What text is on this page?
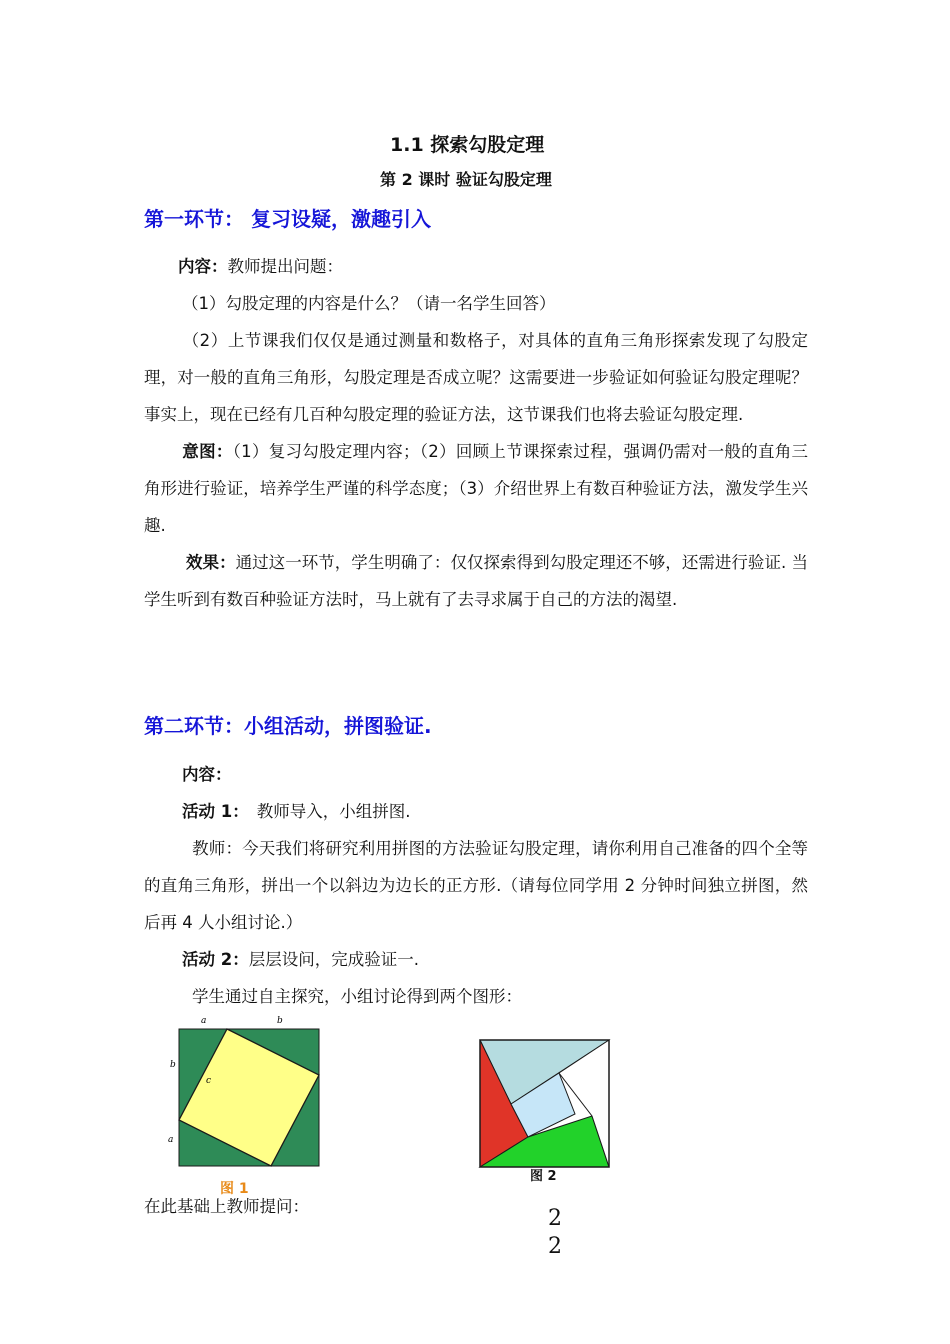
1.1 探索勾股定理
第 2 课时 验证勾股定理
第一环节： 复习设疑，激趣引入

内容：教师提出问题：

（1）勾股定理的内容是什么？（请一名学生回答）

（2）上节课我们仅仅是通过测量和数格子，对具体的直角三角形探索发现了勾股定理，对一般的直角三角形，勾股定理是否成立呢？这需要进一步验证如何验证勾股定理呢？事实上，现在已经有几百种勾股定理的验证方法，这节课我们也将去验证勾股定理.

意图：（1）复习勾股定理内容；（2）回顾上节课探索过程，强调仍需对一般的直角三角形进行验证，培养学生严谨的科学态度；（3）介绍世界上有数百种验证方法，激发学生兴趣.

效果：通过这一环节，学生明确了：仅仅探索得到勾股定理还不够，还需进行验证. 当学生听到有数百种验证方法时，马上就有了去寻求属于自己的方法的渴望.

第二环节：小组活动，拼图验证.

内容：

活动 1： 教师导入，小组拼图.

教师：今天我们将研究利用拼图的方法验证勾股定理，请你利用自己准备的四个全等的直角三角形，拼出一个以斜边为边长的正方形.（请每位同学用 2 分钟时间独立拼图，然后再 4 人小组讨论.）

活动 2：层层设问，完成验证一.

学生通过自主探究，小组讨论得到两个图形：

a	b
b
a
c
图 1
图 2
在此基础上教师提问：	2
2
